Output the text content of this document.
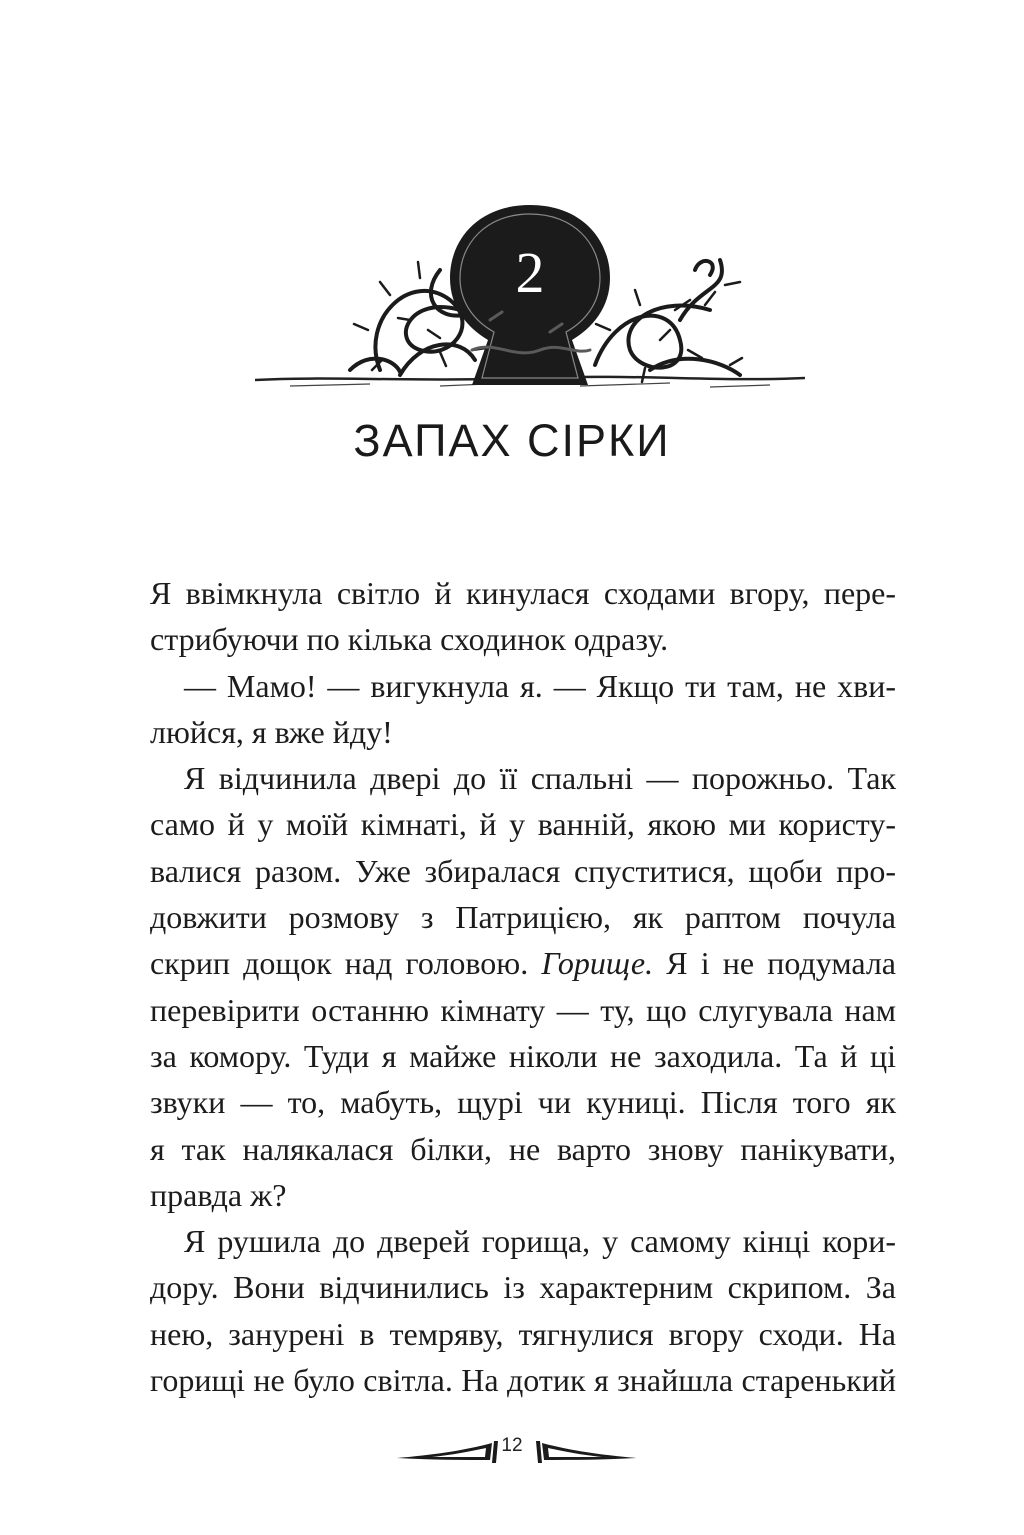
2
ЗАПАХ СІРКИ
Я ввімкнула світло й кинулася сходами вгору, пере-
стрибуючи по кілька сходинок одразу.
— Мамо! — вигукнула я. — Якщо ти там, не хви-
люйся, я вже йду!
Я відчинила двері до її спальні — порожньо. Так
само й у моїй кімнаті, й у ванній, якою ми користу-
валися разом. Уже збиралася спуститися, щоби про-
довжити розмову з Патрицією, як раптом почула
скрип дощок над головою. Горище. Я і не подумала
перевірити останню кімнату — ту, що слугувала нам
за комору. Туди я майже ніколи не заходила. Та й ці
звуки — то, мабуть, щурі чи куниці. Після того як
я так налякалася білки, не варто знову панікувати,
правда ж?
Я рушила до дверей горища, у самому кінці кори-
дору. Вони відчинились із характерним скрипом. За
нею, занурені в темряву, тягнулися вгору сходи. На
горищі не було світла. На дотик я знайшла старенький
12
